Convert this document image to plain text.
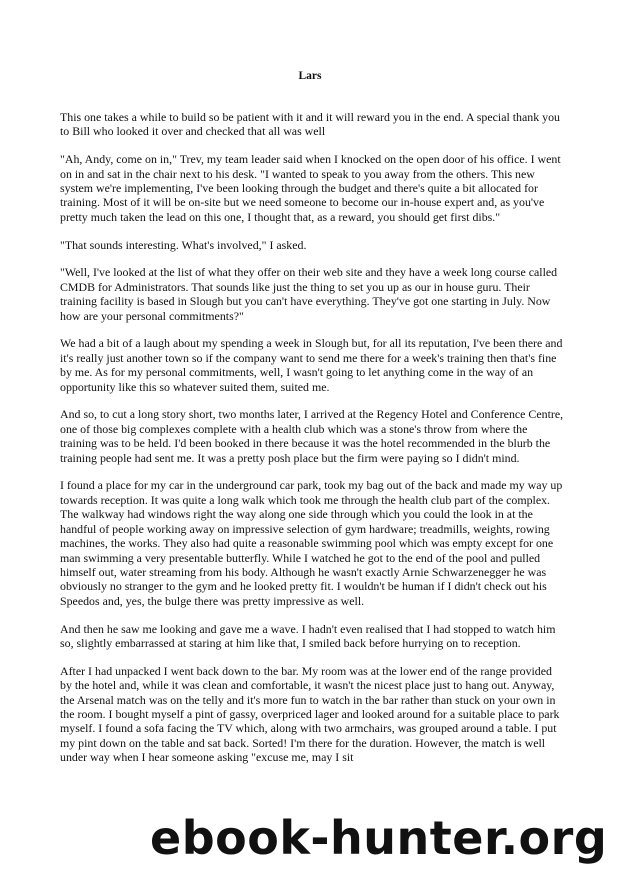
Lars

This one takes a while to build so be patient with it and it will reward you in the end. A special thank you to Bill who looked it over and checked that all was well

"Ah, Andy, come on in," Trev, my team leader said when I knocked on the open door of his office. I went on in and sat in the chair next to his desk. "I wanted to speak to you away from the others. This new system we're implementing, I've been looking through the budget and there's quite a bit allocated for training. Most of it will be on-site but we need someone to become our in-house expert and, as you've pretty much taken the lead on this one, I thought that, as a reward, you should get first dibs."

"That sounds interesting. What's involved," I asked.

"Well, I've looked at the list of what they offer on their web site and they have a week long course called CMDB for Administrators. That sounds like just the thing to set you up as our in house guru. Their training facility is based in Slough but you can't have everything. They've got one starting in July. Now how are your personal commitments?"

We had a bit of a laugh about my spending a week in Slough but, for all its reputation, I've been there and it's really just another town so if the company want to send me there for a week's training then that's fine by me. As for my personal commitments, well, I wasn't going to let anything come in the way of an opportunity like this so whatever suited them, suited me.

And so, to cut a long story short, two months later, I arrived at the Regency Hotel and Conference Centre, one of those big complexes complete with a health club which was a stone's throw from where the training was to be held. I'd been booked in there because it was the hotel recommended in the blurb the training people had sent me. It was a pretty posh place but the firm were paying so I didn't mind.

I found a place for my car in the underground car park, took my bag out of the back and made my way up towards reception. It was quite a long walk which took me through the health club part of the complex. The walkway had windows right the way along one side through which you could the look in at the handful of people working away on impressive selection of gym hardware; treadmills, weights, rowing machines, the works. They also had quite a reasonable swimming pool which was empty except for one man swimming a very presentable butterfly. While I watched he got to the end of the pool and pulled himself out, water streaming from his body. Although he wasn't exactly Arnie Schwarzenegger he was obviously no stranger to the gym and he looked pretty fit. I wouldn't be human if I didn't check out his Speedos and, yes, the bulge there was pretty impressive as well.

And then he saw me looking and gave me a wave. I hadn't even realised that I had stopped to watch him so, slightly embarrassed at staring at him like that, I smiled back before hurrying on to reception.

After I had unpacked I went back down to the bar. My room was at the lower end of the range provided by the hotel and, while it was clean and comfortable, it wasn't the nicest place just to hang out. Anyway, the Arsenal match was on the telly and it's more fun to watch in the bar rather than stuck on your own in the room. I bought myself a pint of gassy, overpriced lager and looked around for a suitable place to park myself. I found a sofa facing the TV which, along with two armchairs, was grouped around a table. I put my pint down on the table and sat back. Sorted! I'm there for the duration. However, the match is well under way when I hear someone asking "excuse me, may I sit

ebook-hunter.org
